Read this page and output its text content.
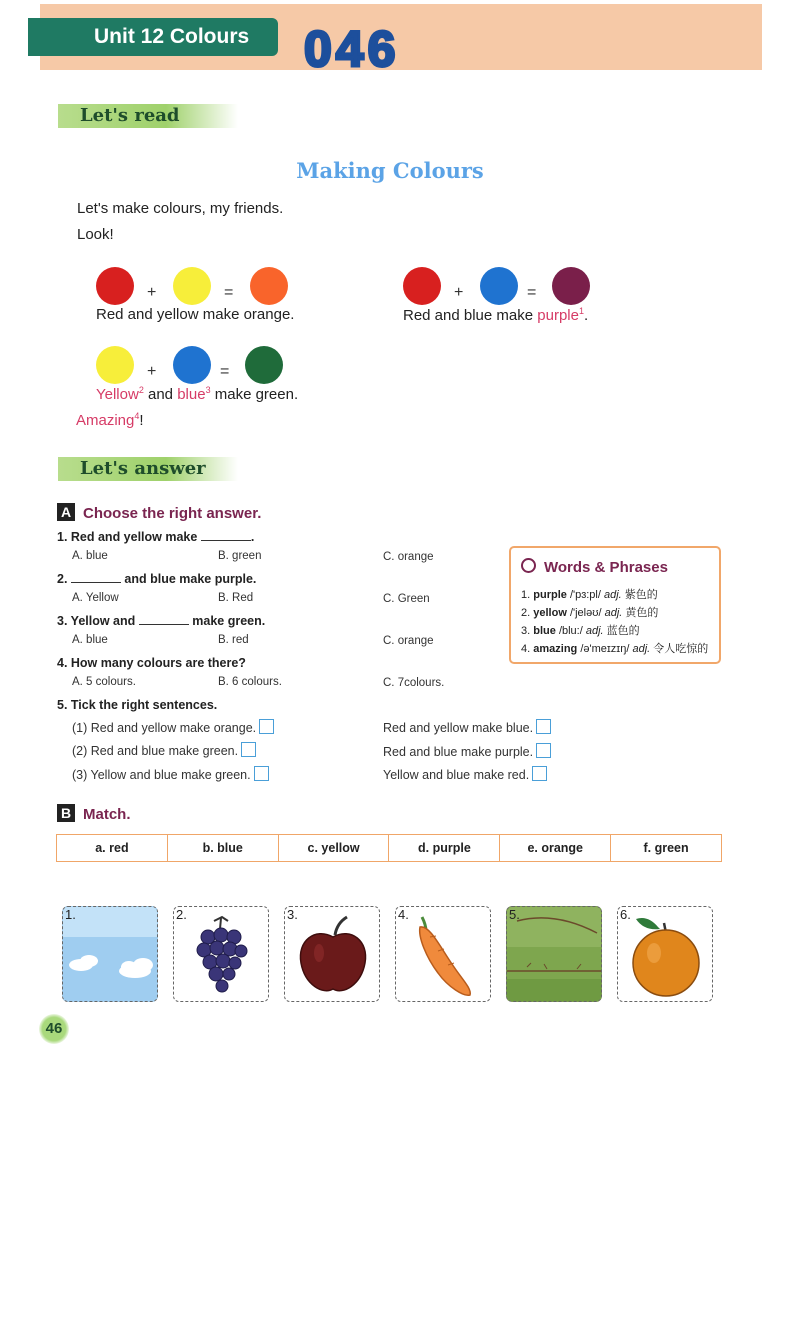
Unit 12 Colours	046
Let's read
Making Colours
Let's make colours, my friends.
Look!
+	=
Red and yellow make orange.
+	=
Red and blue make purple$^1$.
+	=
Yellow$^2$ and blue$^3$ make green.
Amazing$^4$!
Let's answer
A Choose the right answer.
1. Red and yellow make	.
A. blue	B. green	C. orange
2.	and blue make purple.
A. Yellow	B. Red	C. Green
3. Yellow and	make green.
A. blue	B. red	C. orange
4. How many colours are there?
A. 5 colours.	B. 6 colours.	C. 7colours.
5. Tick the right sentences.
(1) Red and yellow make orange.
(2) Red and blue make green.
(3) Yellow and blue make green.
Red and yellow make blue.
Red and blue make purple.
Yellow and blue make red.
Words & Phrases
1. purple /'pɜ:pl/ adj. 紫色的
2. yellow /'jeləʊ/ adj. 黄色的
3. blue /blu:/ adj. 蓝色的
4. amazing /ə'meɪzɪŋ/ adj. 令人吃惊的
B Match.
a. red	b. blue	c. yellow	d. purple	e. orange	f. green
1.	2.	3.	4.	5.	6.
46
